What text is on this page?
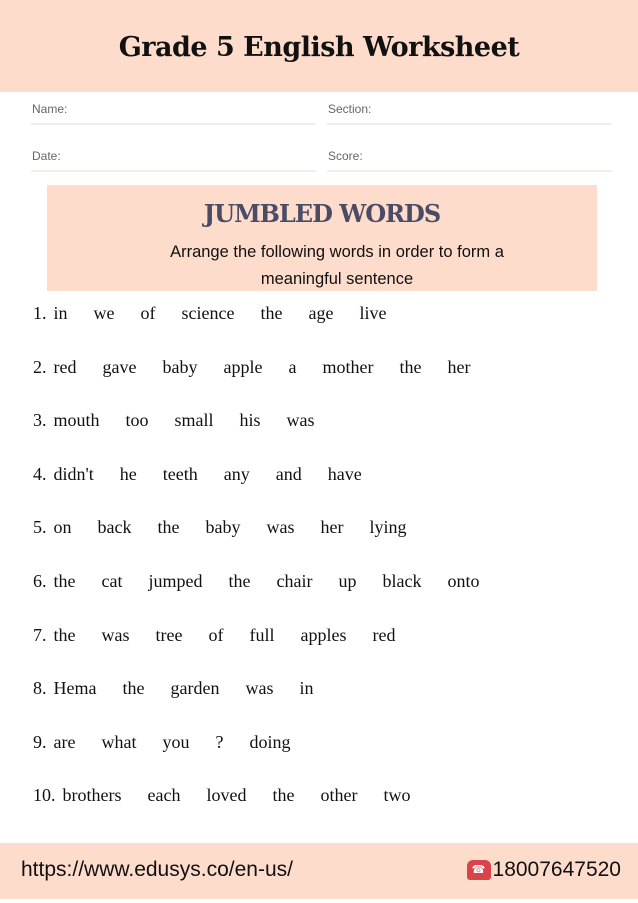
Grade 5 English Worksheet
Name:	Section:
Date:	Score:
JUMBLED WORDS
Arrange the following words in order to form a meaningful sentence
1. in we of science the age live
2. red gave baby apple a mother the her
3. mouth too small his was
4. didn't he teeth any and have
5. on back the baby was her lying
6. the cat jumped the chair up black onto
7. the was tree of full apples red
8. Hema the garden was in
9. are what you ? doing
10. brothers each loved the other two
https://www.edusys.co/en-us/	☎ 18007647520
